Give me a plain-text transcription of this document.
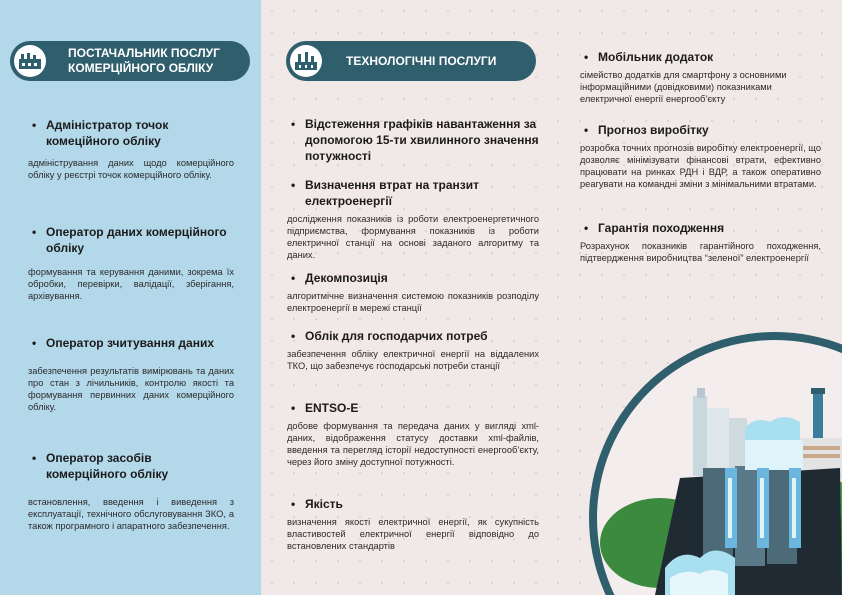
ПОСТАЧАЛЬНИК ПОСЛУГ КОМЕРЦІЙНОГО ОБЛІКУ
ТЕХНОЛОГІЧНІ ПОСЛУГИ
• Адміністратор точок комеційного обліку

адміністрування даних щодо комерційного обліку у реєстрі точок комерційного обліку.

• Оператор даних комерційного обліку

формування та керування даними, зокрема їх обробки, перевірки, валідації, зберігання, архівування.

• Оператор зчитування даних

забезпечення результатів вимірювань та даних про стан з лічильників, контролю якості та формування первинних даних комерційного обліку.

• Оператор засобів комерційного обліку

встановлення, введення і виведення з експлуатації, технічного обслуговування ЗКО, а також програмного і апаратного забезпечення.

• Відстеження графіків навантаження за допомогою 15-ти хвилинного значення потужності
• Визначення втрат на транзит електроенергії

дослідження показників із роботи електроенергетичного підприємства, формування показників із роботи електричної станції на основі заданого алгоритму та даних.

• Декомпозиція

алгоритмічне визначення системою показників розподілу електроенергії в мережі станції

• Облік для господарчих потреб

забезпечення обліку електричної енергії на віддалених ТКО, що забезпечує господарські потреби станції

• ENTSO-E

добове формування та передача даних у вигляді xml-даних, відображення статусу доставки xml-файлів, введення та перегляд історії недоступності енергооб’єкту, через його зміну доступної потужності.

• Якість

визначення якості електричної енергії, як сукупність властивостей електричної енергії відповідно до встановлених стандартів

• Мобільник додаток

сімейство додатків для смартфону з основними інформаційними (довідковими) показниками електричної енергії енергооб’єкту

• Прогноз виробітку

розробка точних прогнозів виробітку електроенергії, що дозволяє мінімізувати фінансові втрати, ефективно працювати на ринках РДН і ВДР, а також оперативно реагувати на командні зміни з мінімальними втратами.

• Гарантія походження

Розрахунок показників гарантійного походження, підтвердження виробництва “зеленої” електроенергії
